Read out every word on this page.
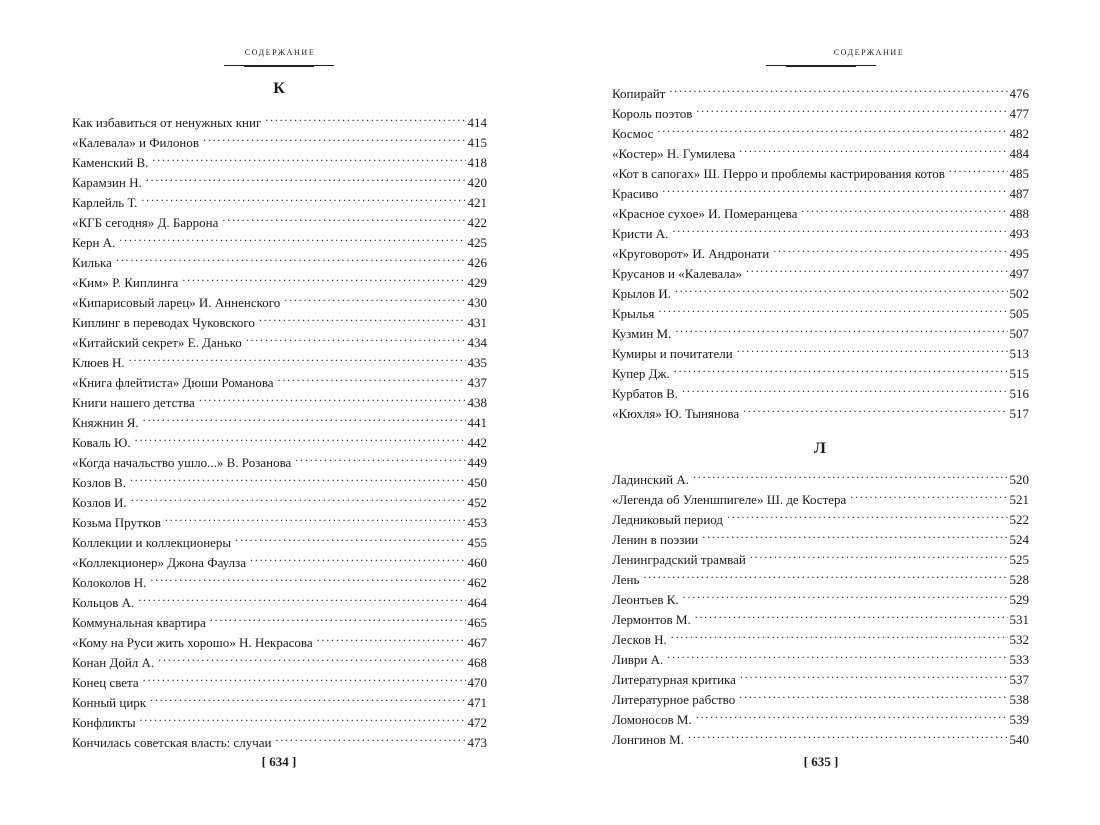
содержание
К
Как избавиться от ненужных книг . . .	414
«Калевала» и Филонов . . .	415
Каменский В. . . .	418
Карамзин Н. . . .	420
Карлейль Т. . . .	421
«КГБ сегодня» Д. Баррона . . .	422
Керн А. . . .	425
Килька . . .	426
«Ким» Р. Киплинга . . .	429
«Кипарисовый ларец» И. Анненского . . .	430
Киплинг в переводах Чуковского . . .	431
«Китайский секрет» Е. Данько . . .	434
Клюев Н. . . .	435
«Книга флейтиста» Дюши Романова . . .	437
Книги нашего детства . . .	438
Княжнин Я. . . .	441
Коваль Ю. . . .	442
«Когда начальство ушло...» В. Розанова . . .	449
Козлов В. . . .	450
Козлов И. . . .	452
Козьма Прутков . . .	453
Коллекции и коллекционеры . . .	455
«Коллекционер» Джона Фаулза . . .	460
Колоколов Н. . . .	462
Кольцов А. . . .	464
Коммунальная квартира . . .	465
«Кому на Руси жить хорошо» Н. Некрасова . . .	467
Конан Дойл А. . . .	468
Конец света . . .	470
Конный цирк . . .	471
Конфликты . . .	472
Кончилась советская власть: случаи . . .	473
[ 634 ]
содержание
Копирайт . . .	476
Король поэтов . . .	477
Космос . . .	482
«Костер» Н. Гумилева . . .	484
«Кот в сапогах» Ш. Перро и проблемы кастрирования котов . . .	485
Красиво . . .	487
«Красное сухое» И. Померанцева . . .	488
Кристи А. . . .	493
«Круговорот» И. Андронати . . .	495
Крусанов и «Калевала» . . .	497
Крылов И. . . .	502
Крылья . . .	505
Кузмин М. . . .	507
Кумиры и почитатели . . .	513
Купер Дж. . . .	515
Курбатов В. . . .	516
«Кюхля» Ю. Тынянова . . .	517
Л
Ладинский А. . . .	520
«Легенда об Уленшпигеле» Ш. де Костера . . .	521
Ледниковый период . . .	522
Ленин в поэзии . . .	524
Ленинградский трамвай . . .	525
Лень . . .	528
Леонтьев К. . . .	529
Лермонтов М. . . .	531
Лесков Н. . . .	532
Ливри А. . . .	533
Литературная критика . . .	537
Литературное рабство . . .	538
Ломоносов М. . . .	539
Лонгинов М. . . .	540
[ 635 ]
